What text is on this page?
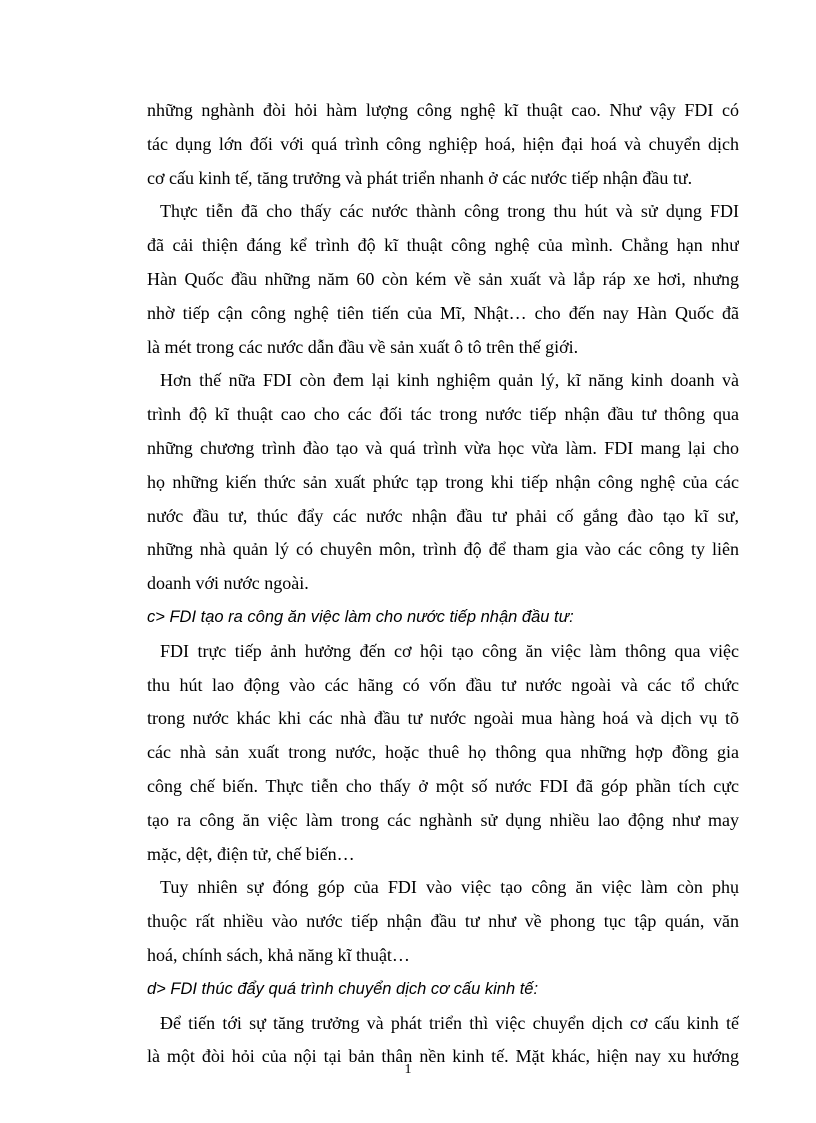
những nghành đòi hỏi hàm lượng công nghệ kĩ thuật cao. Như vậy FDI có
tác dụng lớn đối với quá trình công nghiệp hoá, hiện đại hoá và chuyển dịch
cơ cấu kinh tế, tăng trưởng và phát triển nhanh ở các nước tiếp nhận đầu tư.
Thực tiễn đã cho thấy các nước thành công trong thu hút và sử dụng FDI
đã cải thiện đáng kể trình độ kĩ thuật công nghệ của mình. Chẳng hạn như
Hàn Quốc đầu những năm 60 còn kém về sản xuất và lắp ráp xe hơi, nhưng
nhờ tiếp cận công nghệ tiên tiến của Mĩ, Nhật… cho đến nay Hàn Quốc đã
là mét trong các nước dẫn đầu về sản xuất ô tô trên thế giới.
Hơn thế nữa FDI còn đem lại kinh nghiệm quản lý, kĩ năng kinh doanh và
trình độ kĩ thuật cao cho các đối tác trong nước tiếp nhận đầu tư thông qua
những chương trình đào tạo và quá trình vừa học vừa làm. FDI mang lại cho
họ những kiến thức sản xuất phức tạp trong khi tiếp nhận công nghệ của các
nước đầu tư, thúc đẩy các nước nhận đầu tư phải cố gắng đào tạo kĩ sư,
những nhà quản lý có chuyên môn, trình độ để tham gia vào các công ty liên
doanh với nước ngoài.
c> FDI tạo ra công ăn việc làm cho nước tiếp nhận đầu tư:
FDI trực tiếp ảnh hưởng đến cơ hội tạo công ăn việc làm thông qua việc
thu hút lao động vào các hãng có vốn đầu tư nước ngoài và các tổ chức
trong nước khác khi các nhà đầu tư nước ngoài mua hàng hoá và dịch vụ tõ
các nhà sản xuất trong nước, hoặc thuê họ thông qua những hợp đồng gia
công chế biến. Thực tiễn cho thấy ở một số nước FDI đã góp phần tích cực
tạo ra công ăn việc làm trong các nghành sử dụng nhiều lao động như may
mặc, dệt, điện tử, chế biến…
Tuy nhiên sự đóng góp của FDI vào việc tạo công ăn việc làm còn phụ
thuộc rất nhiều vào nước tiếp nhận đầu tư như về phong tục tập quán, văn
hoá, chính sách, khả năng kĩ thuật…
d> FDI thúc đẩy quá trình chuyển dịch cơ cấu kinh tế:
Để tiến tới sự tăng trưởng và phát triển thì việc chuyển dịch cơ cấu kinh tế
là một đòi hỏi của nội tại bản thân nền kinh tế. Mặt khác, hiện nay xu hướng
1
